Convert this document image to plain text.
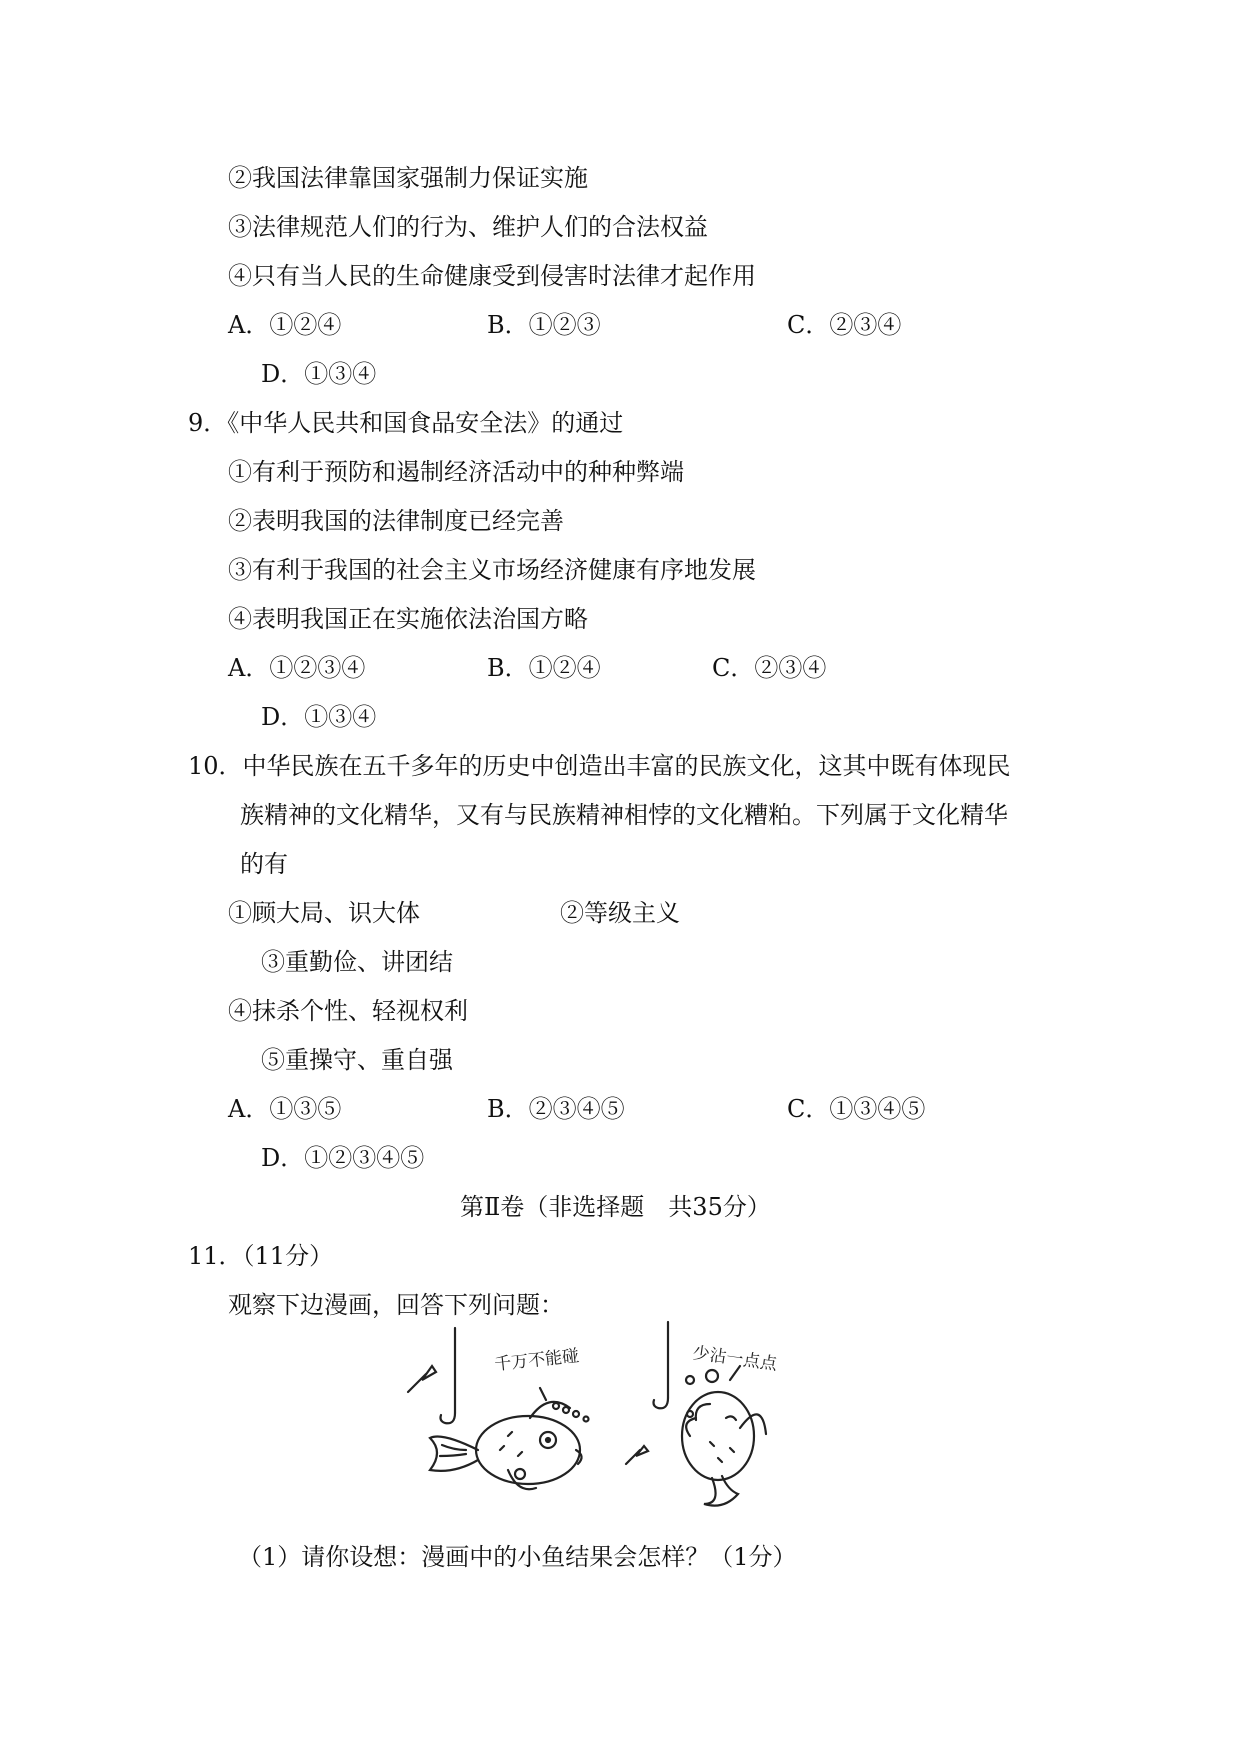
②我国法律靠国家强制力保证实施
③法律规范人们的行为、维护人们的合法权益
④只有当人民的生命健康受到侵害时法律才起作用
A．①②④	B．①②③	C．②③④
D．①③④
9．《中华人民共和国食品安全法》的通过
①有利于预防和遏制经济活动中的种种弊端
②表明我国的法律制度已经完善
③有利于我国的社会主义市场经济健康有序地发展
④表明我国正在实施依法治国方略
A．①②③④	B．①②④	C．②③④
D．①③④
10．中华民族在五千多年的历史中创造出丰富的民族文化，这其中既有体现民
族精神的文化精华，又有与民族精神相悖的文化糟粕。下列属于文化精华
的有
①顾大局、识大体	②等级主义
③重勤俭、讲团结
④抹杀个性、轻视权利
⑤重操守、重自强
A．①③⑤	B．②③④⑤	C．①③④⑤
D．①②③④⑤
第Ⅱ卷（非选择题　共35分）
11．（11分）
观察下边漫画，回答下列问题：
千万不能碰	少沾一点点
（1）请你设想：漫画中的小鱼结果会怎样？（1分）
